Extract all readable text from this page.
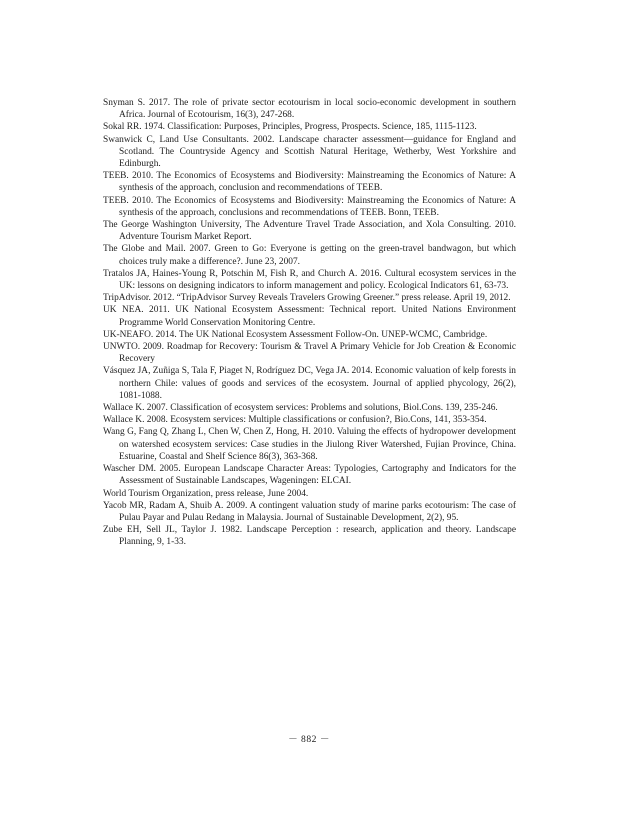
Snyman S. 2017. The role of private sector ecotourism in local socio-economic development in southern Africa. Journal of Ecotourism, 16(3), 247-268.

Sokal RR. 1974. Classification: Purposes, Principles, Progress, Prospects. Science, 185, 1115-1123.

Swanwick C, Land Use Consultants. 2002. Landscape character assessment—guidance for England and Scotland. The Countryside Agency and Scottish Natural Heritage, Wetherby, West Yorkshire and Edinburgh.

TEEB. 2010. The Economics of Ecosystems and Biodiversity: Mainstreaming the Economics of Nature: A synthesis of the approach, conclusion and recommendations of TEEB.

TEEB. 2010. The Economics of Ecosystems and Biodiversity: Mainstreaming the Economics of Nature: A synthesis of the approach, conclusions and recommendations of TEEB. Bonn, TEEB.

The George Washington University, The Adventure Travel Trade Association, and Xola Consulting. 2010. Adventure Tourism Market Report.

The Globe and Mail. 2007. Green to Go: Everyone is getting on the green-travel bandwagon, but which choices truly make a difference?. June 23, 2007.

Tratalos JA, Haines-Young R, Potschin M, Fish R, and Church A. 2016. Cultural ecosystem services in the UK: lessons on designing indicators to inform management and policy. Ecological Indicators 61, 63-73.

TripAdvisor. 2012. “TripAdvisor Survey Reveals Travelers Growing Greener.” press release. April 19, 2012.

UK NEA. 2011. UK National Ecosystem Assessment: Technical report. United Nations Environment Programme World Conservation Monitoring Centre.

UK-NEAFO. 2014. The UK National Ecosystem Assessment Follow-On. UNEP-WCMC, Cambridge.

UNWTO. 2009. Roadmap for Recovery: Tourism & Travel A Primary Vehicle for Job Creation & Economic Recovery

Vásquez JA, Zuñiga S, Tala F, Piaget N, Rodríguez DC, Vega JA. 2014. Economic valuation of kelp forests in northern Chile: values of goods and services of the ecosystem. Journal of applied phycology, 26(2), 1081-1088.

Wallace K. 2007. Classification of ecosystem services: Problems and solutions, Biol.Cons. 139, 235-246.

Wallace K. 2008. Ecosystem services: Multiple classifications or confusion?, Bio.Cons, 141, 353-354.

Wang G, Fang Q, Zhang L, Chen W, Chen Z, Hong, H. 2010. Valuing the effects of hydropower development on watershed ecosystem services: Case studies in the Jiulong River Watershed, Fujian Province, China. Estuarine, Coastal and Shelf Science 86(3), 363-368.

Wascher DM. 2005. European Landscape Character Areas: Typologies, Cartography and Indicators for the Assessment of Sustainable Landscapes, Wageningen: ELCAI.

World Tourism Organization, press release, June 2004.

Yacob MR, Radam A, Shuib A. 2009. A contingent valuation study of marine parks ecotourism: The case of Pulau Payar and Pulau Redang in Malaysia. Journal of Sustainable Development, 2(2), 95.

Zube EH, Sell JL, Taylor J. 1982. Landscape Perception : research, application and theory. Landscape Planning, 9, 1-33.

－ 882 －
